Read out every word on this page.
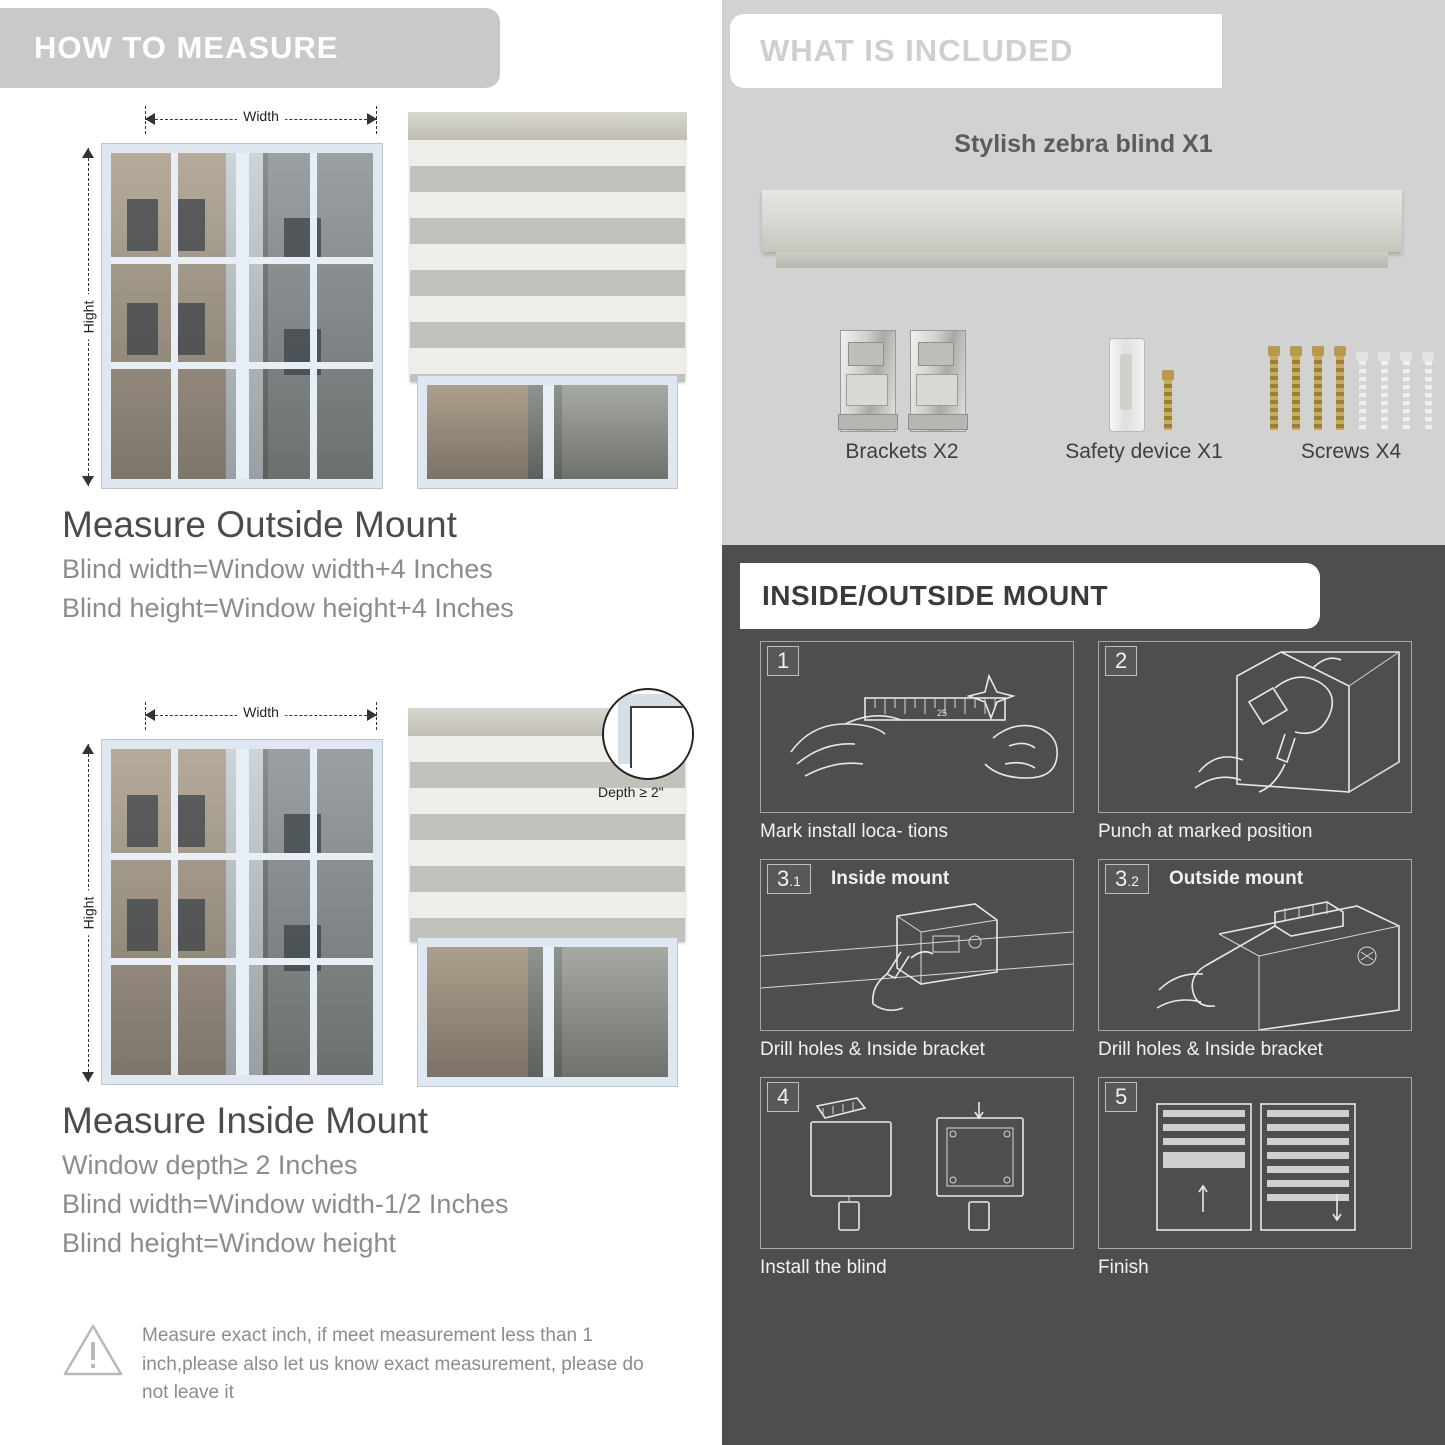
HOW TO MEASURE
Width
Hight
Measure Outside Mount
Blind width=Window width+4 Inches
Blind height=Window height+4 Inches
Width
Hight
Depth ≥ 2"
Measure Inside Mount
Window depth≥ 2 Inches
Blind width=Window width-1/2 Inches
Blind height=Window height
Measure exact inch, if meet measurement less than 1 inch,please also let us know exact measurement, please do not leave it
WHAT IS INCLUDED
Stylish zebra blind X1
Brackets X2	Safety device X1	Screws X4
INSIDE/OUTSIDE MOUNT
1
25
Mark install loca- tions
2
Punch at marked position
3.1	Inside mount
Drill holes & Inside bracket
3.2	Outside mount
Drill holes & Inside bracket
4
Install the blind
5
Finish
